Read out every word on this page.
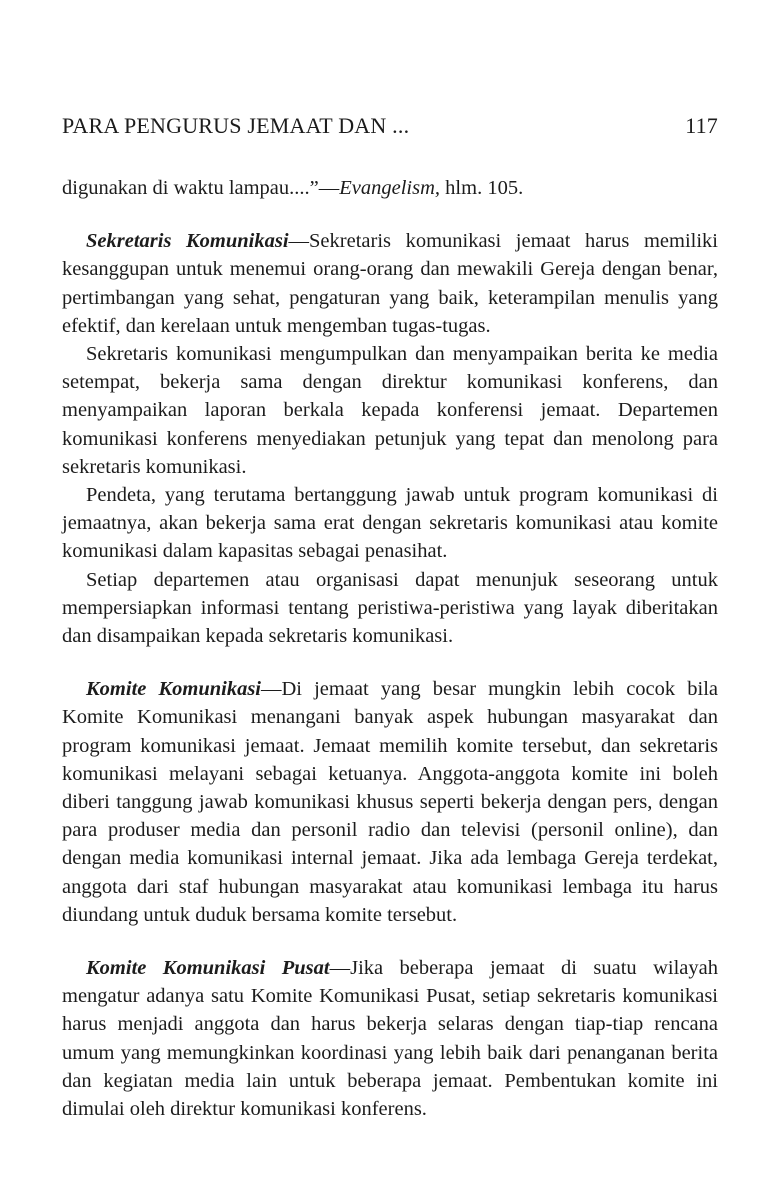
PARA PENGURUS JEMAAT DAN ...	117

digunakan di waktu lampau....”—Evangelism, hlm. 105.

Sekretaris Komunikasi—Sekretaris komunikasi jemaat harus memiliki kesanggupan untuk menemui orang-orang dan mewakili Gereja dengan benar, pertimbangan yang sehat, pengaturan yang baik, keterampilan menulis yang efektif, dan kerelaan untuk mengemban tugas-tugas.

Sekretaris komunikasi mengumpulkan dan menyampaikan berita ke media setempat, bekerja sama dengan direktur komunikasi konferens, dan menyampaikan laporan berkala kepada konferensi jemaat. Departemen komunikasi konferens menyediakan petunjuk yang tepat dan menolong para sekretaris komunikasi.

Pendeta, yang terutama bertanggung jawab untuk program komunikasi di jemaatnya, akan bekerja sama erat dengan sekretaris komunikasi atau komite komunikasi dalam kapasitas sebagai penasihat.

Setiap departemen atau organisasi dapat menunjuk seseorang untuk mempersiapkan informasi tentang peristiwa-peristiwa yang layak diberitakan dan disampaikan kepada sekretaris komunikasi.

Komite Komunikasi—Di jemaat yang besar mungkin lebih cocok bila Komite Komunikasi menangani banyak aspek hubungan masyarakat dan program komunikasi jemaat. Jemaat memilih komite tersebut, dan sekretaris komunikasi melayani sebagai ketuanya. Anggota-anggota komite ini boleh diberi tanggung jawab komunikasi khusus seperti bekerja dengan pers, dengan para produser media dan personil radio dan televisi (personil online), dan dengan media komunikasi internal jemaat. Jika ada lembaga Gereja terdekat, anggota dari staf hubungan masyarakat atau komunikasi lembaga itu harus diundang untuk duduk bersama komite tersebut.

Komite Komunikasi Pusat—Jika beberapa jemaat di suatu wilayah mengatur adanya satu Komite Komunikasi Pusat, setiap sekretaris komunikasi harus menjadi anggota dan harus bekerja selaras dengan tiap-tiap rencana umum yang memungkinkan koordinasi yang lebih baik dari penanganan berita dan kegiatan media lain untuk beberapa jemaat. Pembentukan komite ini dimulai oleh direktur komunikasi konferens.
